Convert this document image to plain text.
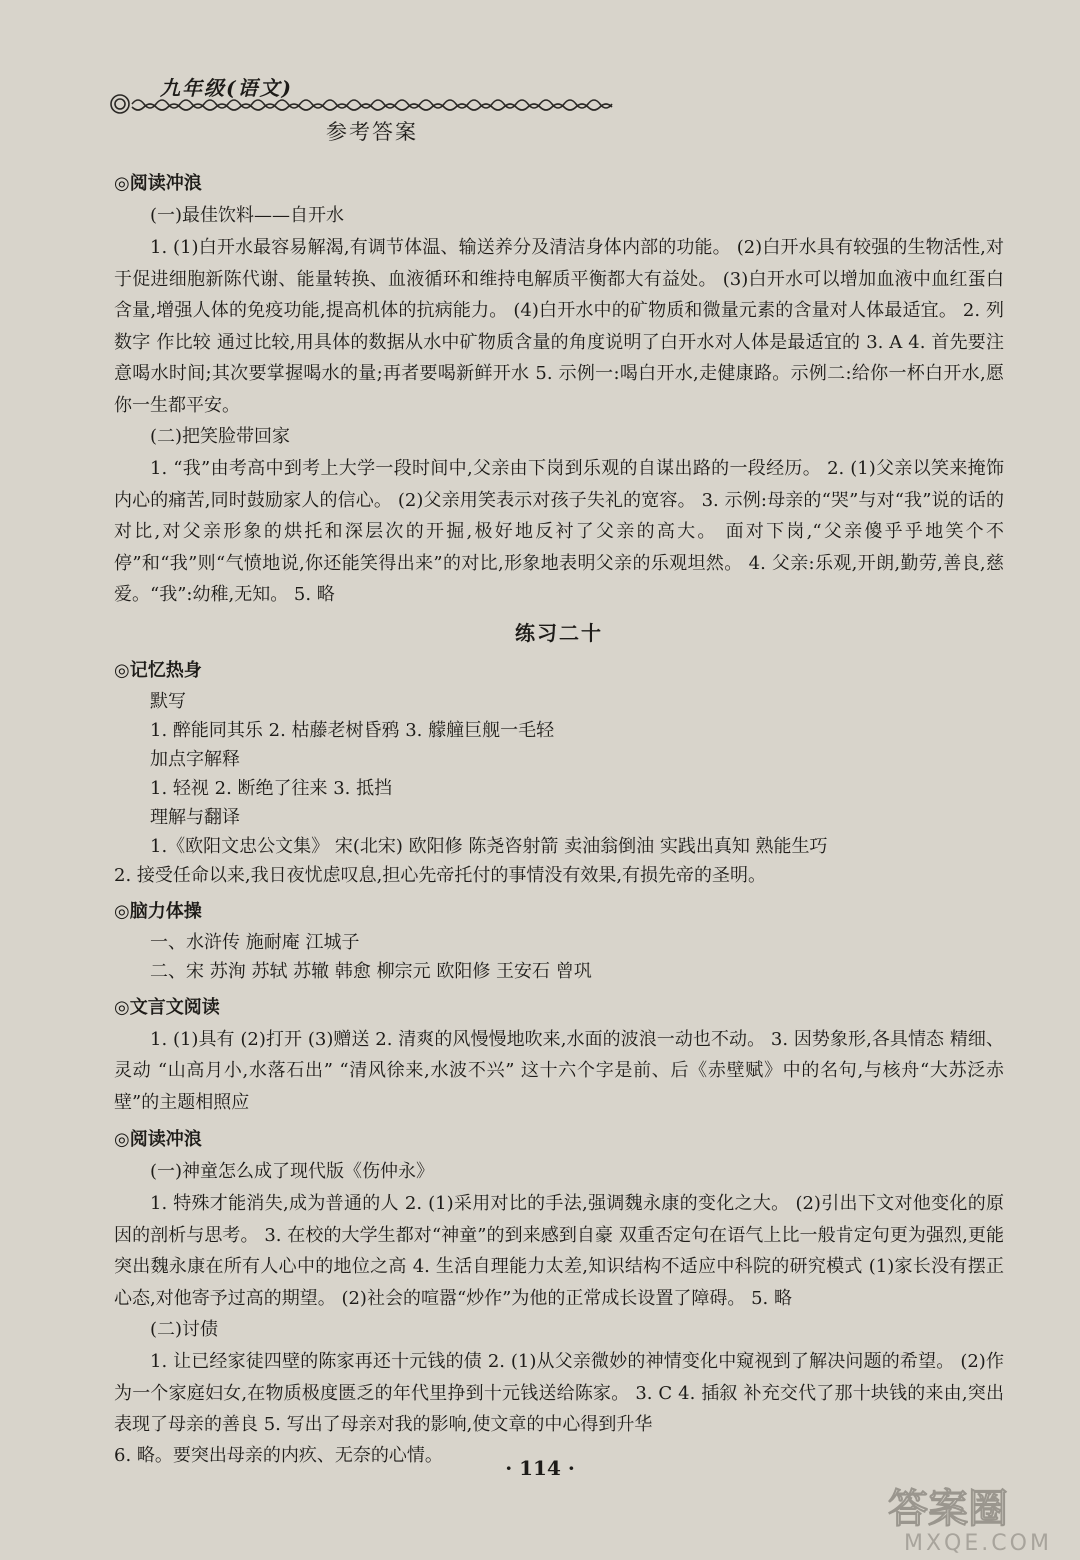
九年级(语文)
参考答案
◎阅读冲浪
(一)最佳饮料——自开水

1. (1)白开水最容易解渴,有调节体温、输送养分及清洁身体内部的功能。 (2)白开水具有较强的生物活性,对于促进细胞新陈代谢、能量转换、血液循环和维持电解质平衡都大有益处。 (3)白开水可以增加血液中血红蛋白含量,增强人体的免疫功能,提高机体的抗病能力。 (4)白开水中的矿物质和微量元素的含量对人体最适宜。 2. 列数字 作比较 通过比较,用具体的数据从水中矿物质含量的角度说明了白开水对人体是最适宜的 3. A 4. 首先要注意喝水时间;其次要掌握喝水的量;再者要喝新鲜开水 5. 示例一:喝白开水,走健康路。示例二:给你一杯白开水,愿你一生都平安。

(二)把笑脸带回家

1. “我”由考高中到考上大学一段时间中,父亲由下岗到乐观的自谋出路的一段经历。 2. (1)父亲以笑来掩饰内心的痛苦,同时鼓励家人的信心。 (2)父亲用笑表示对孩子失礼的宽容。 3. 示例:母亲的“哭”与对“我”说的话的对比,对父亲形象的烘托和深层次的开掘,极好地反衬了父亲的高大。 面对下岗,“父亲傻乎乎地笑个不停”和“我”则“气愤地说,你还能笑得出来”的对比,形象地表明父亲的乐观坦然。 4. 父亲:乐观,开朗,勤劳,善良,慈爱。“我”:幼稚,无知。 5. 略

练习二十
◎记忆热身
默写
1. 醉能同其乐 2. 枯藤老树昏鸦 3. 艨艟巨舰一毛轻
加点字解释
1. 轻视 2. 断绝了往来 3. 抵挡
理解与翻译
1.《欧阳文忠公文集》 宋(北宋) 欧阳修 陈尧咨射箭 卖油翁倒油 实践出真知 熟能生巧
2. 接受任命以来,我日夜忧虑叹息,担心先帝托付的事情没有效果,有损先帝的圣明。
◎脑力体操
一、水浒传 施耐庵 江城子
二、宋 苏洵 苏轼 苏辙 韩愈 柳宗元 欧阳修 王安石 曾巩
◎文言文阅读

1. (1)具有 (2)打开 (3)赠送 2. 清爽的风慢慢地吹来,水面的波浪一动也不动。 3. 因势象形,各具情态 精细、灵动 “山高月小,水落石出” “清风徐来,水波不兴” 这十六个字是前、后《赤壁赋》中的名句,与核舟“大苏泛赤壁”的主题相照应

◎阅读冲浪
(一)神童怎么成了现代版《伤仲永》

1. 特殊才能消失,成为普通的人 2. (1)采用对比的手法,强调魏永康的变化之大。 (2)引出下文对他变化的原因的剖析与思考。 3. 在校的大学生都对“神童”的到来感到自豪 双重否定句在语气上比一般肯定句更为强烈,更能突出魏永康在所有人心中的地位之高 4. 生活自理能力太差,知识结构不适应中科院的研究模式 (1)家长没有摆正心态,对他寄予过高的期望。 (2)社会的喧嚣“炒作”为他的正常成长设置了障碍。 5. 略

(二)讨债

1. 让已经家徒四壁的陈家再还十元钱的债 2. (1)从父亲微妙的神情变化中窥视到了解决问题的希望。 (2)作为一个家庭妇女,在物质极度匮乏的年代里挣到十元钱送给陈家。 3. C 4. 插叙 补充交代了那十块钱的来由,突出表现了母亲的善良 5. 写出了母亲对我的影响,使文章的中心得到升华

6. 略。要突出母亲的内疚、无奈的心情。
· 114 ·
答案圈
MXQE.COM
